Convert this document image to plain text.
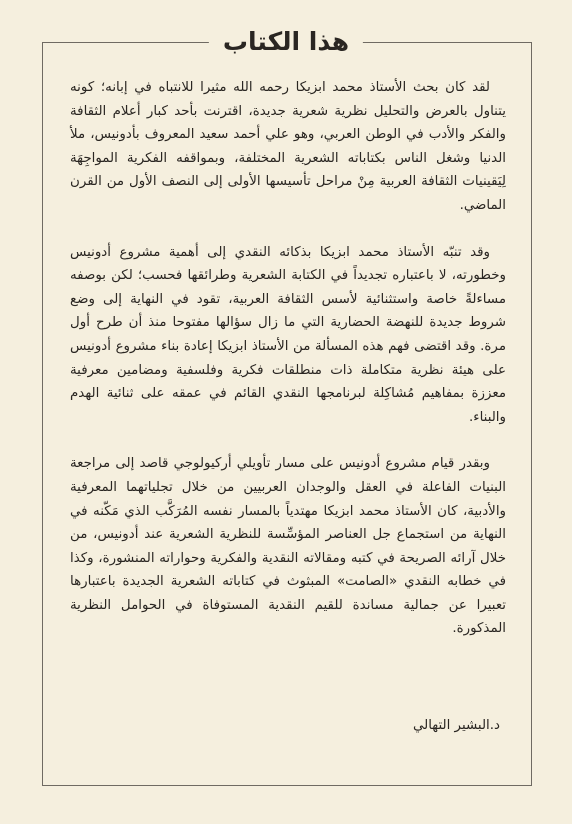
هذا الكتاب

لقد كان بحث الأستاذ محمد ابزيكا رحمه الله مثيرا للانتباه في إبانه؛ كونه يتناول بالعرض والتحليل نظرية شعرية جديدة، اقترنت بأحد كبار أعلام الثقافة والفكر والأدب في الوطن العربي، وهو علي أحمد سعيد المعروف بأدونيس، ملأ الدنيا وشغل الناس بكتاباته الشعرية المختلفة، وبمواقفه الفكرية المواجِهَة لِيَقينيات الثقافة العربية مِنْ مراحل تأسيسها الأولى إلى النصف الأول من القرن الماضي.

وقد تنبّه الأستاذ محمد ابزيكا بذكائه النقدي إلى أهمية مشروع أدونيس وخطورته، لا باعتباره تجديداً في الكتابة الشعرية وطرائقها فحسب؛ لكن بوصفه مساءلةً خاصة واستثنائية لأسس الثقافة العربية، تقود في النهاية إلى وضع شروط جديدة للنهضة الحضارية التي ما زال سؤالها مفتوحا منذ أن طرح أول مرة. وقد اقتضى فهم هذه المسألة من الأستاذ ابزيكا إعادة بناء مشروع أدونيس على هيئة نظرية متكاملة ذات منطلقات فكرية وفلسفية ومضامين معرفية معززة بمفاهيم مُشاكِلة لبرنامجها النقدي القائم في عمقه على ثنائية الهدم والبناء.

وبقدر قيام مشروع أدونيس على مسار تأويلي أركيولوجي قاصد إلى مراجعة البنيات الفاعلة في العقل والوجدان العربيين من خلال تجلياتهما المعرفية والأدبية، كان الأستاذ محمد ابزيكا مهتدياً بالمسار نفسه المُرَكَّب الذي مَكّنه في النهاية من استجماع جل العناصر المؤسِّسة للنظرية الشعرية عند أدونيس، من خلال آرائه الصريحة في كتبه ومقالاته النقدية والفكرية وحواراته المنشورة، وكذا في خطابه النقدي «الصامت» المبثوث في كتاباته الشعرية الجديدة باعتبارها تعبيرا عن جمالية مساندة للقيم النقدية المستوفاة في الحوامل النظرية المذكورة.

د.البشير التهالي
